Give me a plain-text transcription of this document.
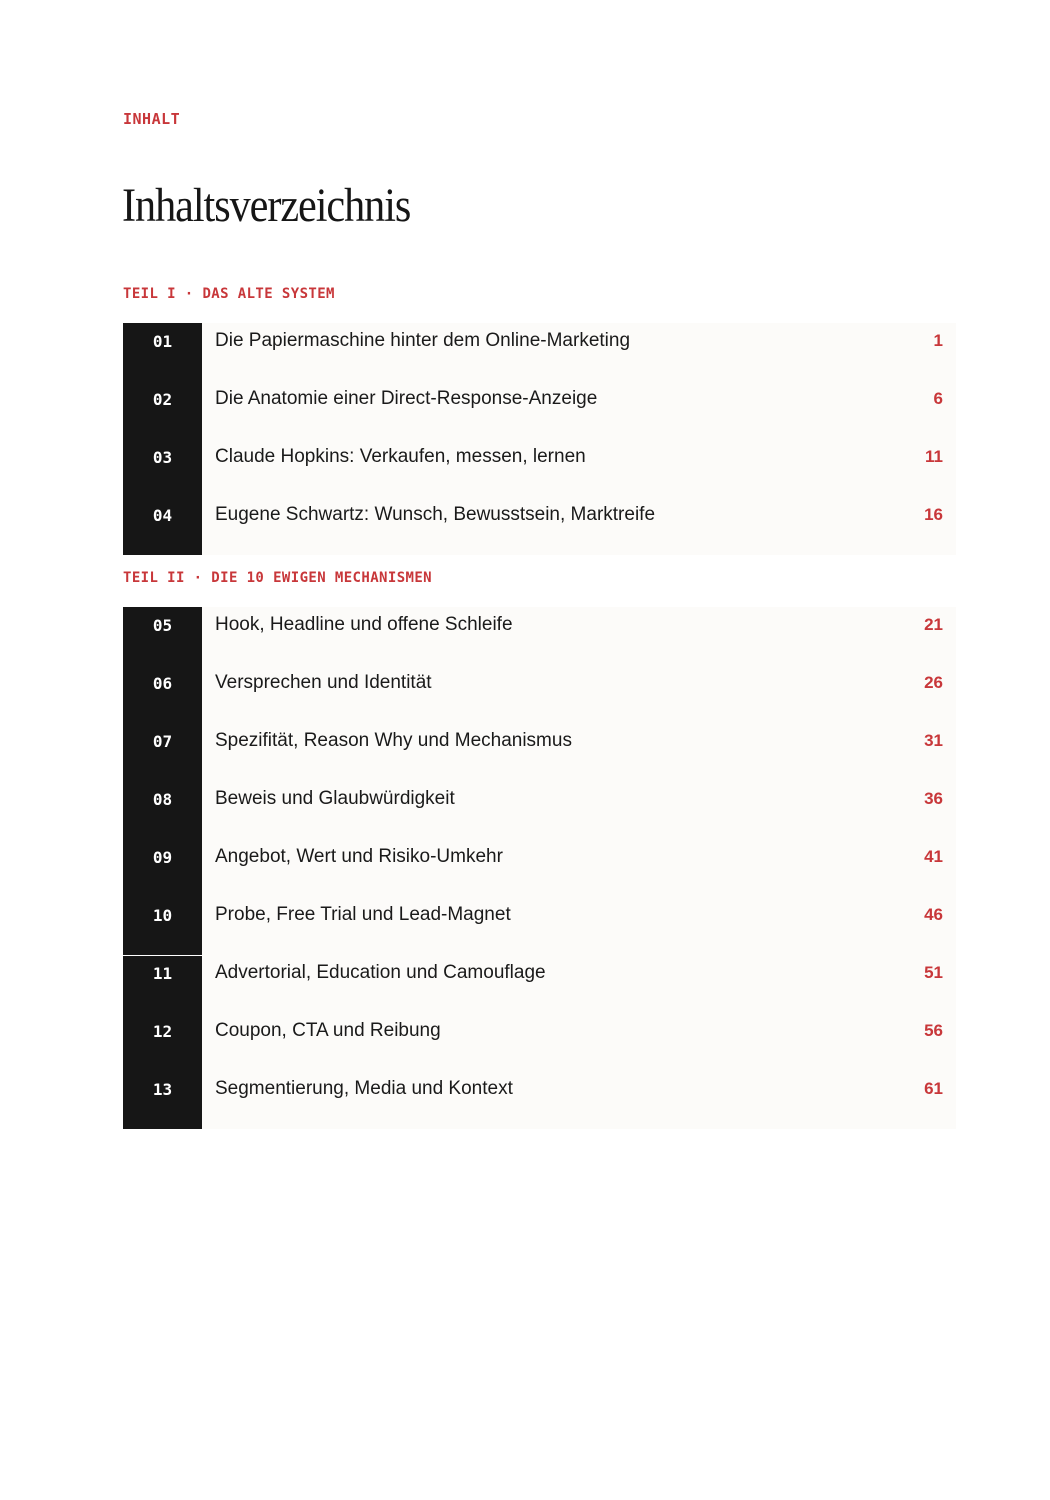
INHALT
Inhaltsverzeichnis
TEIL I · DAS ALTE SYSTEM
01	Die Papiermaschine hinter dem Online-Marketing	1
02	Die Anatomie einer Direct-Response-Anzeige	6
03	Claude Hopkins: Verkaufen, messen, lernen	11
04	Eugene Schwartz: Wunsch, Bewusstsein, Marktreife	16
TEIL II · DIE 10 EWIGEN MECHANISMEN
05	Hook, Headline und offene Schleife	21
06	Versprechen und Identität	26
07	Spezifität, Reason Why und Mechanismus	31
08	Beweis und Glaubwürdigkeit	36
09	Angebot, Wert und Risiko-Umkehr	41
10	Probe, Free Trial und Lead-Magnet	46
11	Advertorial, Education und Camouflage	51
12	Coupon, CTA und Reibung	56
13	Segmentierung, Media und Kontext	61
